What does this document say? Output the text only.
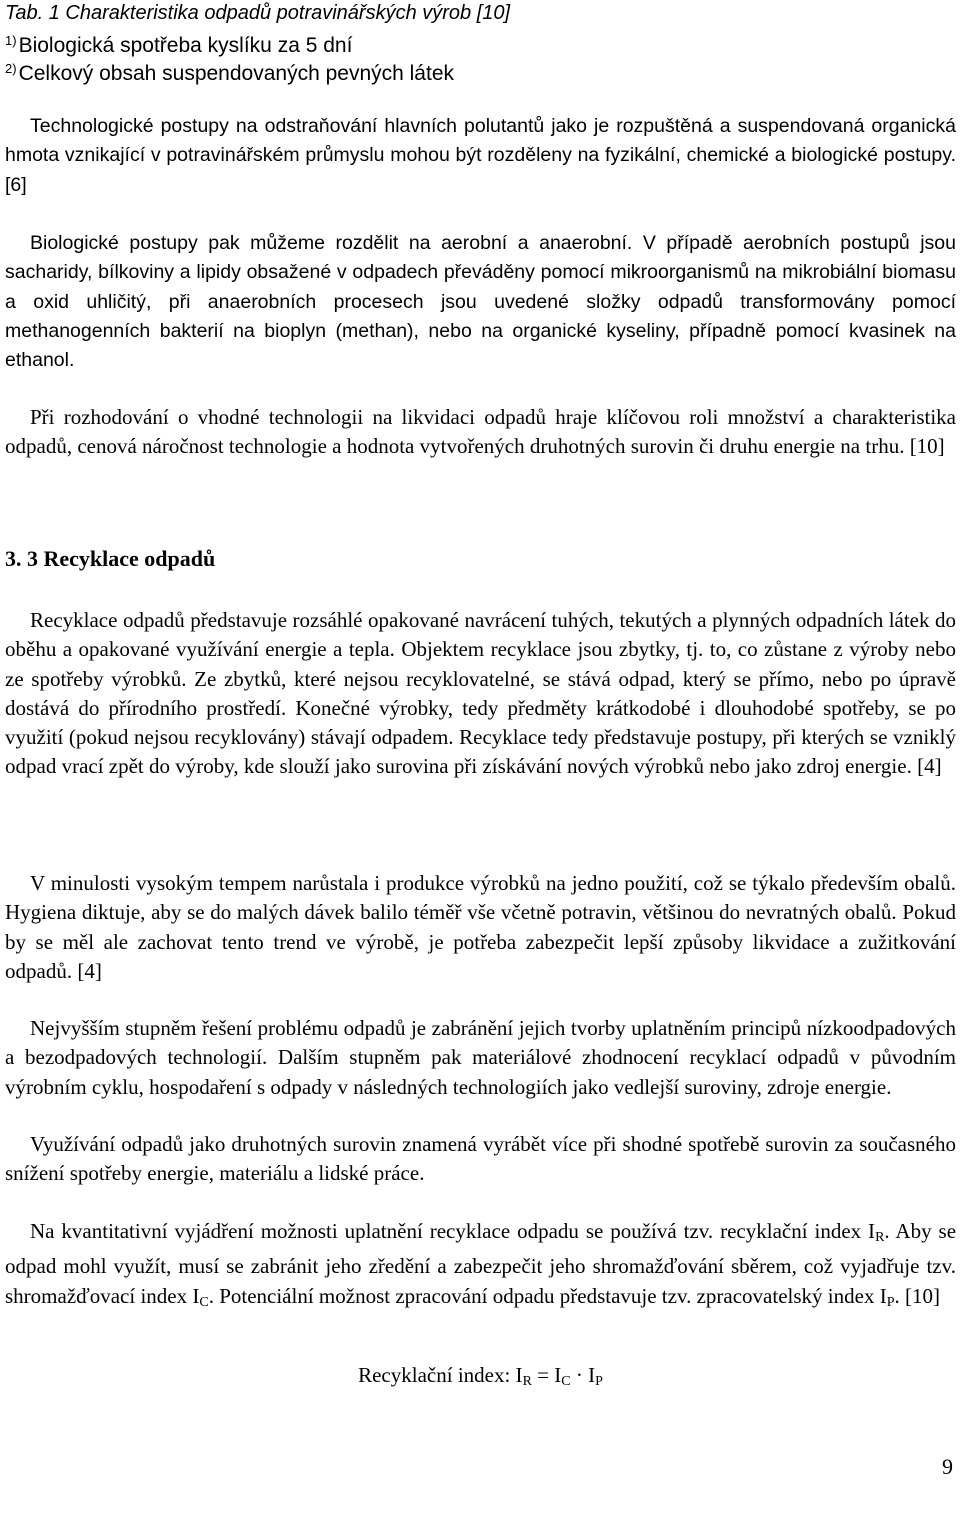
Tab. 1 Charakteristika odpadů potravinářských výrob [10]
$^{1)}$Biologická spotřeba kyslíku za 5 dní
$^{2)}$Celkový obsah suspendovaných pevných látek

Technologické postupy na odstraňování hlavních polutantů jako je rozpuštěná a suspendovaná organická hmota vznikající v potravinářském průmyslu mohou být rozděleny na fyzikální, chemické a biologické postupy. [6]

Biologické postupy pak můžeme rozdělit na aerobní a anaerobní. V případě aerobních postupů jsou sacharidy, bílkoviny a lipidy obsažené v odpadech převáděny pomocí mikroorganismů na mikrobiální biomasu a oxid uhličitý, při anaerobních procesech jsou uvedené složky odpadů transformovány pomocí methanogenních bakterií na bioplyn (methan), nebo na organické kyseliny, případně pomocí kvasinek na ethanol.

Při rozhodování o vhodné technologii na likvidaci odpadů hraje klíčovou roli množství a charakteristika odpadů, cenová náročnost technologie a hodnota vytvořených druhotných surovin či druhu energie na trhu. [10]

3. 3 Recyklace odpadů

Recyklace odpadů představuje rozsáhlé opakované navrácení tuhých, tekutých a plynných odpadních látek do oběhu a opakované využívání energie a tepla. Objektem recyklace jsou zbytky, tj. to, co zůstane z výroby nebo ze spotřeby výrobků. Ze zbytků, které nejsou recyklovatelné, se stává odpad, který se přímo, nebo po úpravě dostává do přírodního prostředí. Konečné výrobky, tedy předměty krátkodobé i dlouhodobé spotřeby, se po využití (pokud nejsou recyklovány) stávají odpadem. Recyklace tedy představuje postupy, při kterých se vzniklý odpad vrací zpět do výroby, kde slouží jako surovina při získávání nových výrobků nebo jako zdroj energie. [4]

V minulosti vysokým tempem narůstala i produkce výrobků na jedno použití, což se týkalo především obalů. Hygiena diktuje, aby se do malých dávek balilo téměř vše včetně potravin, většinou do nevratných obalů. Pokud by se měl ale zachovat tento trend ve výrobě, je potřeba zabezpečit lepší způsoby likvidace a zužitkování odpadů. [4]

Nejvyšším stupněm řešení problému odpadů je zabránění jejich tvorby uplatněním principů nízkoodpadových a bezodpadových technologií. Dalším stupněm pak materiálové zhodnocení recyklací odpadů v původním výrobním cyklu, hospodaření s odpady v následných technologiích jako vedlejší suroviny, zdroje energie.

Využívání odpadů jako druhotných surovin znamená vyrábět více při shodné spotřebě surovin za současného snížení spotřeby energie, materiálu a lidské práce.

Na kvantitativní vyjádření možnosti uplatnění recyklace odpadu se používá tzv. recyklační index $I_R$. Aby se odpad mohl využít, musí se zabránit jeho zředění a zabezpečit jeho shromažďování sběrem, což vyjadřuje tzv. shromažďovací index $I_C$. Potenciální možnost zpracování odpadu představuje tzv. zpracovatelský index $I_P$. [10]

Recyklační index: $I_R = I_C \cdot I_P$
9
